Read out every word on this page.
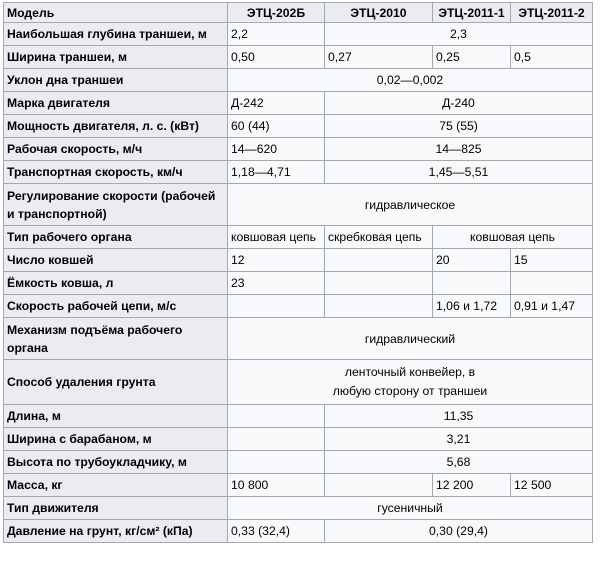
Модель	ЭТЦ-202Б	ЭТЦ-2010	ЭТЦ-2011-1	ЭТЦ-2011-2
Наибольшая глубина траншеи, м	2,2	2,3		
Ширина траншеи, м	0,50	0,27	0,25	0,5
Уклон дна траншеи	0,02—0,002			
Марка двигателя	Д-242	Д-240		
Мощность двигателя, л. с. (кВт)	60 (44)	75 (55)		
Рабочая скорость, м/ч	14—620	14—825		
Транспортная скорость, км/ч	1,18—4,71	1,45—5,51		
Регулирование скорости (рабочей и транспортной)	гидравлическое			
Тип рабочего органа	ковшовая цепь	скребковая цепь	ковшовая цепь	
Число ковшей	12		20	15
Ёмкость ковша, л	23			
Скорость рабочей цепи, м/с			1,06 и 1,72	0,91 и 1,47
Механизм подъёма рабочего органа	гидравлический			
Способ удаления грунта	ленточный конвейер, в
любую сторону от траншеи			

Длина, м		11,35		
Ширина с барабаном, м		3,21		
Высота по трубоукладчику, м		5,68		
Масса, кг	10 800		12 200	12 500
Тип движителя	гусеничный			
Давление на грунт, кг/см² (кПа)	0,33 (32,4)	0,30 (29,4)		
